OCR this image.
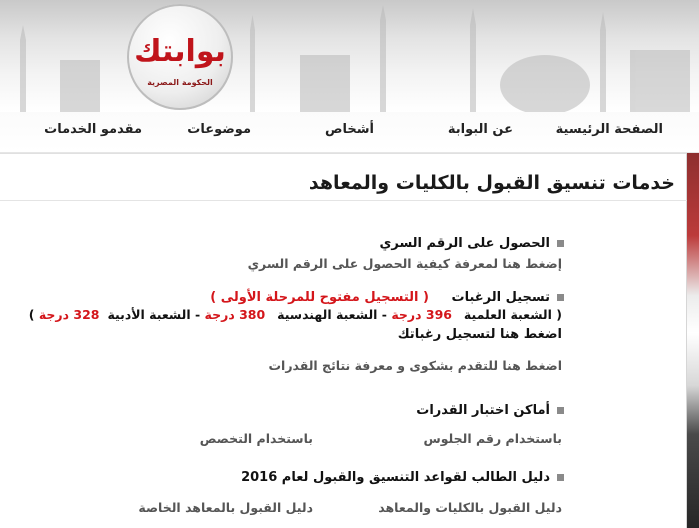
بوابتك
الحكومة المصرية
الصفحة الرئيسية
عن البوابة
أشخاص
موضوعات
مقدمو الخدمات
خدمات تنسيق القبول بالكليات والمعاهد
الحصول على الرقم السري
إضغط هنا لمعرفة كيفية الحصول على الرقم السري
تسجيل الرغبات ( التسجيل مفتوح للمرحلة الأولى )
( الشعبة العلمية   396 درجة - الشعبة الهندسية   380 درجة - الشعبة الأدبية  328 درجة )
اضغط هنا لتسجيل رغباتك
اضغط هنا للتقدم بشكوى و معرفة نتائج القدرات
أماكن اختبار القدرات
باستخدام رقم الجلوس
باستخدام التخصص
دليل الطالب لقواعد التنسيق والقبول لعام 2016
دليل القبول بالكليات والمعاهد
دليل القبول بالمعاهد الخاصة
